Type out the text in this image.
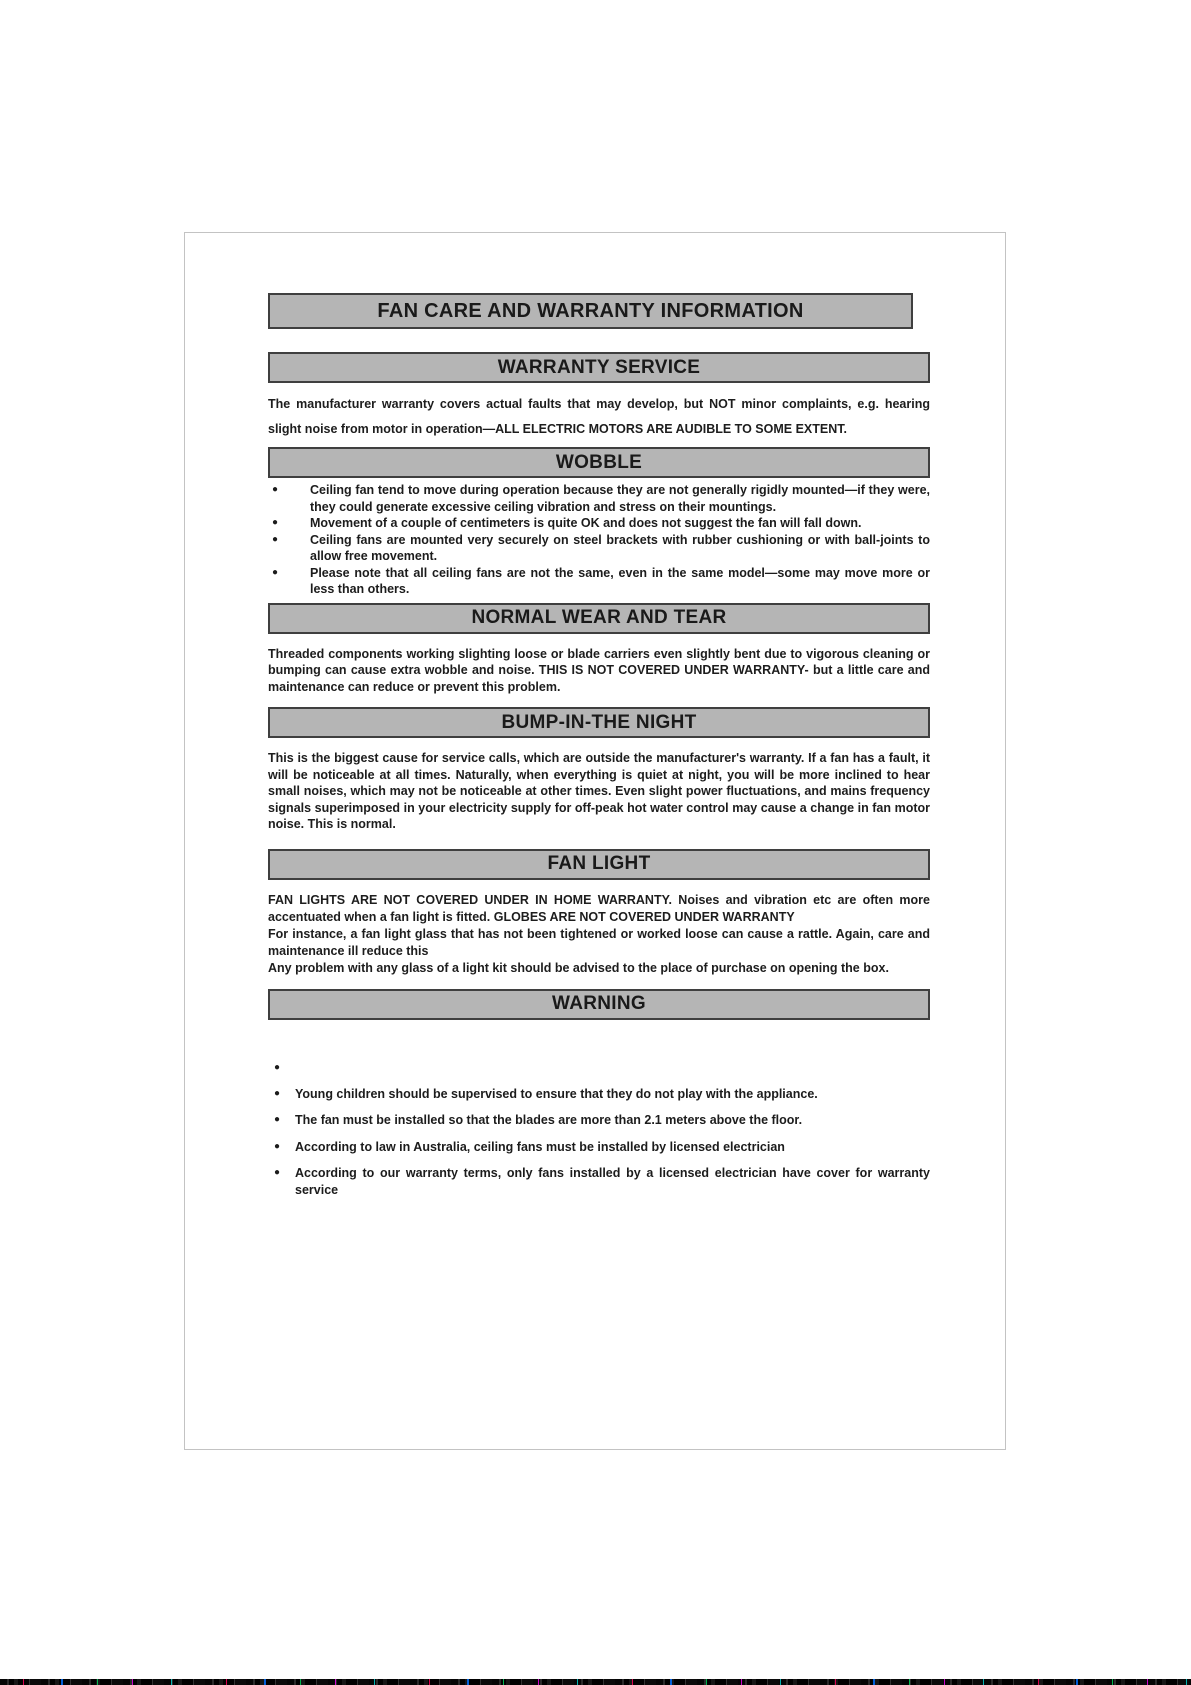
FAN CARE AND WARRANTY INFORMATION
WARRANTY SERVICE
The manufacturer warranty covers actual faults that may develop, but NOT minor complaints, e.g. hearing slight noise from motor in operation—ALL ELECTRIC MOTORS ARE AUDIBLE TO SOME EXTENT.
WOBBLE
●	Ceiling fan tend to move during operation because they are not generally rigidly mounted—if they were, they could generate excessive ceiling vibration and stress on their mountings.
●	Movement of a couple of centimeters is quite OK and does not suggest the fan will fall down.
●	Ceiling fans are mounted very securely on steel brackets with rubber cushioning or with ball-joints to allow free movement.
●	Please note that all ceiling fans are not the same, even in the same model—some may move more or less than others.
NORMAL WEAR AND TEAR
Threaded components working slighting loose or blade carriers even slightly bent due to vigorous cleaning or bumping can cause extra wobble and noise. THIS IS NOT COVERED UNDER WARRANTY- but a little care and maintenance can reduce or prevent this problem.
BUMP-IN-THE NIGHT
This is the biggest cause for service calls, which are outside the manufacturer's warranty. If a fan has a fault, it will be noticeable at all times. Naturally, when everything is quiet at night, you will be more inclined to hear small noises, which may not be noticeable at other times. Even slight power fluctuations, and mains frequency signals superimposed in your electricity supply for off-peak hot water control may cause a change in fan motor noise. This is normal.
FAN LIGHT
FAN LIGHTS ARE NOT COVERED UNDER IN HOME WARRANTY. Noises and vibration etc are often more accentuated when a fan light is fitted. GLOBES ARE NOT COVERED UNDER WARRANTY
For instance, a fan light glass that has not been tightened or worked loose can cause a rattle. Again, care and maintenance ill reduce this
Any problem with any glass of a light kit should be advised to the place of purchase on opening the box.
WARNING
●
●	Young children should be supervised to ensure that they do not play with the appliance.
●	The fan must be installed so that the blades are more than 2.1 meters above the floor.
●	According to law in Australia, ceiling fans must be installed by licensed electrician
●	According to our warranty terms, only fans installed by a licensed electrician have cover for warranty service
